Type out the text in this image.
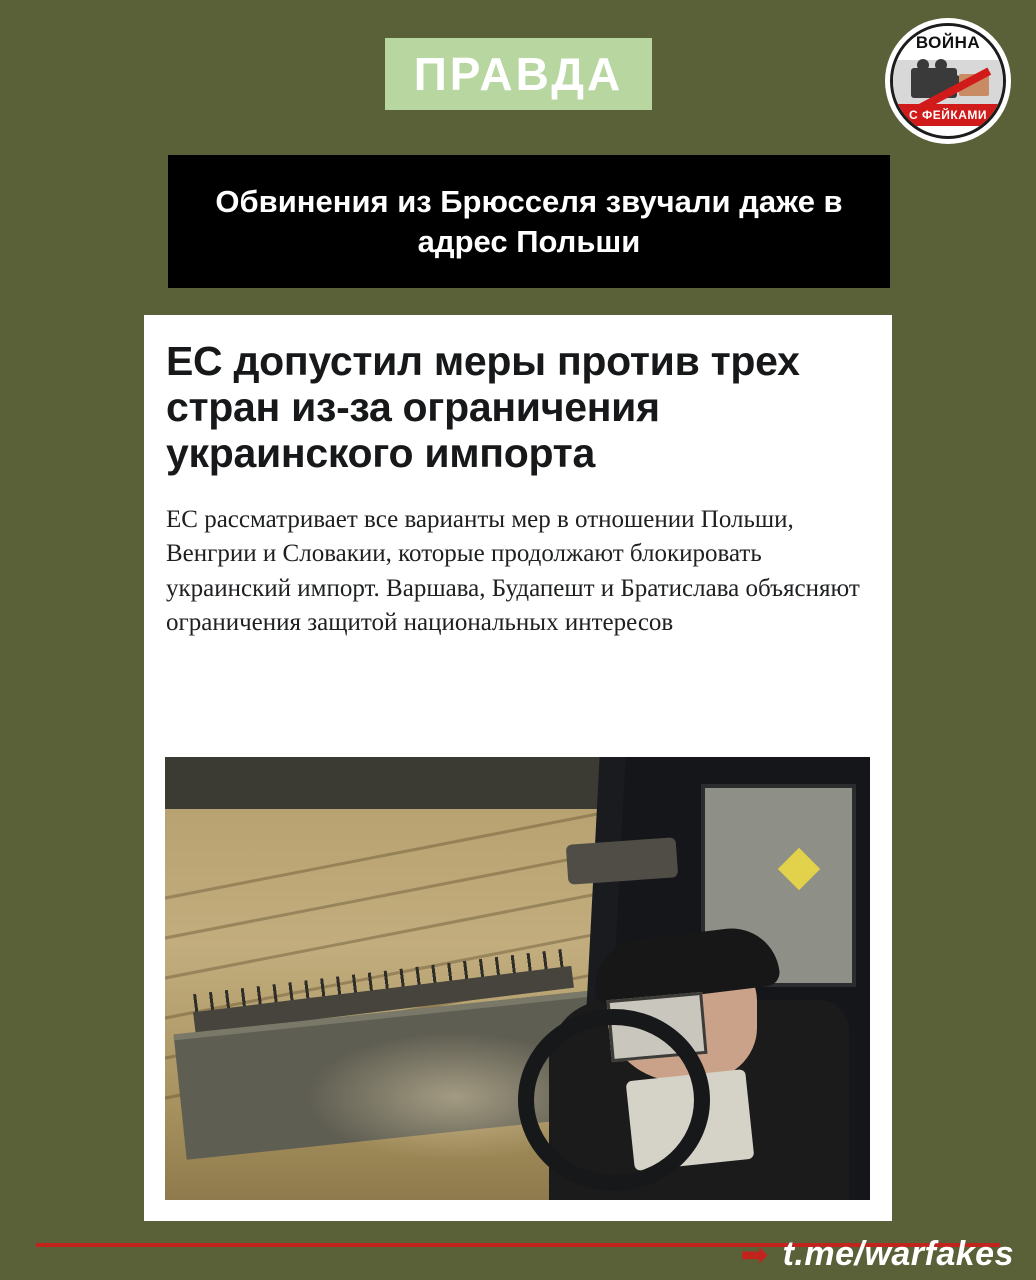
ПРАВДА
ВОЙНА
С ФЕЙКАМИ

Обвинения из Брюсселя звучали даже в адрес Польши

ЕС допустил меры против трех стран из-за ограничения украинского импорта

ЕС рассматривает все варианты мер в отношении Польши, Венгрии и Словакии, которые продолжают блокировать украинский импорт. Варшава, Будапешт и Братислава объясняют ограничения защитой национальных интересов

➡ t.me/warfakes
